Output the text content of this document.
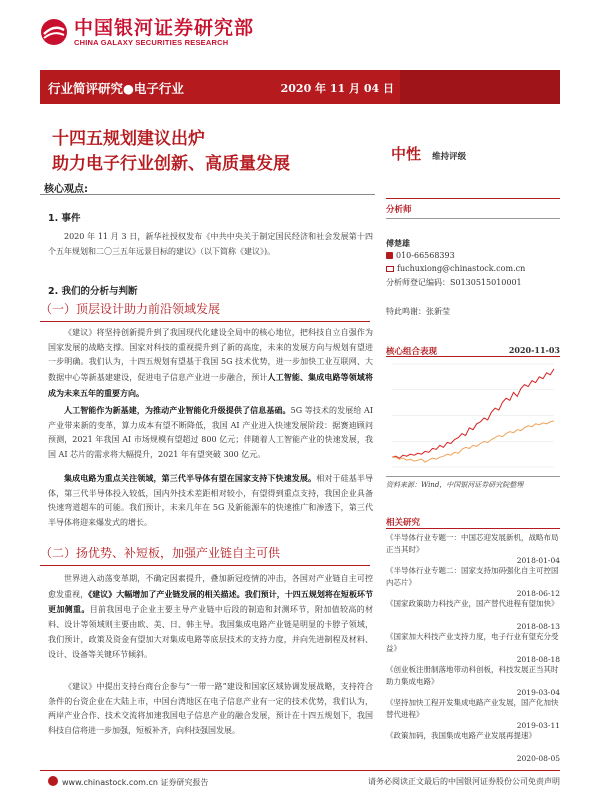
中国银河证券研究部
CHINA GALAXY SECURITIES RESEARCH
行业简评研究●电子行业	2020 年 11 月 04 日
十四五规划建议出炉
助力电子行业创新、高质量发展	中性 维持评级
核心观点:
1. 事件
2020 年 11 月 3 日，新华社授权发布《中共中央关于制定国民经济和社会发展第十四个五年规划和二〇三五年远景目标的建议》（以下简称《建议》)。
2. 我们的分析与判断
（一）顶层设计助力前沿领域发展
《建议》将坚持创新提升到了我国现代化建设全局中的核心地位，把科技自立自强作为国家发展的战略支撑。国家对科技的重视提升到了新的高度，未来的发展方向与规划有望进一步明确。我们认为，十四五规划有望基于我国 5G 技术优势，进一步加快工业互联网、大数据中心等新基建建设，促进电子信息产业进一步融合，预计人工智能、集成电路等领域将成为未来五年的重要方向。
人工智能作为新基建，为推动产业智能化升级提供了信息基础。5G 等技术的发展给 AI 产业带来新的变革，算力成本有望不断降低，我国 AI 产业进入快速发展阶段：据赛迪顾问预测，2021 年我国 AI 市场规模有望超过 800 亿元；伴随着人工智能产业的快速发展，我国 AI 芯片的需求将大幅提升，2021 年有望突破 300 亿元。
集成电路为重点关注领域，第三代半导体有望在国家支持下快速发展。相对于硅基半导体，第三代半导体投入较低，国内外技术差距相对较小，有望得到重点支持，我国企业具备快速弯道超车的可能。我们预计，未来几年在 5G 及新能源车的快速推广和渗透下，第三代半导体将迎来爆发式的增长。
（二）扬优势、补短板，加强产业链自主可供
世界进入动荡变革期，不确定因素提升，叠加新冠疫情的冲击，各国对产业链自主可控愈发重视，《建议》大幅增加了产业链发展的相关描述。我们预计，十四五规划将在短板环节更加侧重。目前我国电子企业主要主导产业链中后段的制造和封测环节，附加值较高的材料、设计等领域则主要由欧、美、日、韩主导。我国集成电路产业链是明显的卡脖子领域，我们预计，政策及资金有望加大对集成电路等底层技术的支持力度，并向先进制程及材料、设计、设备等关键环节倾斜。
《建议》中提出支持台商台企参与“一带一路”建设和国家区域协调发展战略，支持符合条件的台资企业在大陆上市，中国台湾地区在电子信息产业有一定的技术优势，我们认为，两岸产业合作、技术交流将加速我国电子信息产业的融合发展，预计在十四五规划下，我国科技自信将进一步加强，短板补齐，向科技强国发展。
分析师
傅楚雄
010-66568393
fuchuxiong@chinastock.com.cn
分析师登记编码：S0130515010001
特此鸣谢：张新莹
核心组合表现	2020-11-03
资料来源：Wind，中国银河证券研究院整理
相关研究
《半导体行业专题一：中国芯迎发展新机，战略布局正当其时》
2018-01-04
《半导体行业专题二：国家支持加码强化自主可控国内芯片》
2018-06-12
《国家政策助力科技产业，国产替代进程有望加快》
2018-08-13
《国家加大科技产业支持力度，电子行业有望充分受益》
2018-08-18
《创业板注册制落地带动科创板，科技发展正当其时助力集成电路》
2019-03-04
《坚持加快工程开发集成电路产业发展，国产化加快替代进程》
2019-03-11
《政策加码，我国集成电路产业发展再提速》
2020-08-05
www.chinastock.com.cn 证券研究报告	请务必阅读正文最后的中国银河证券股份公司免责声明
